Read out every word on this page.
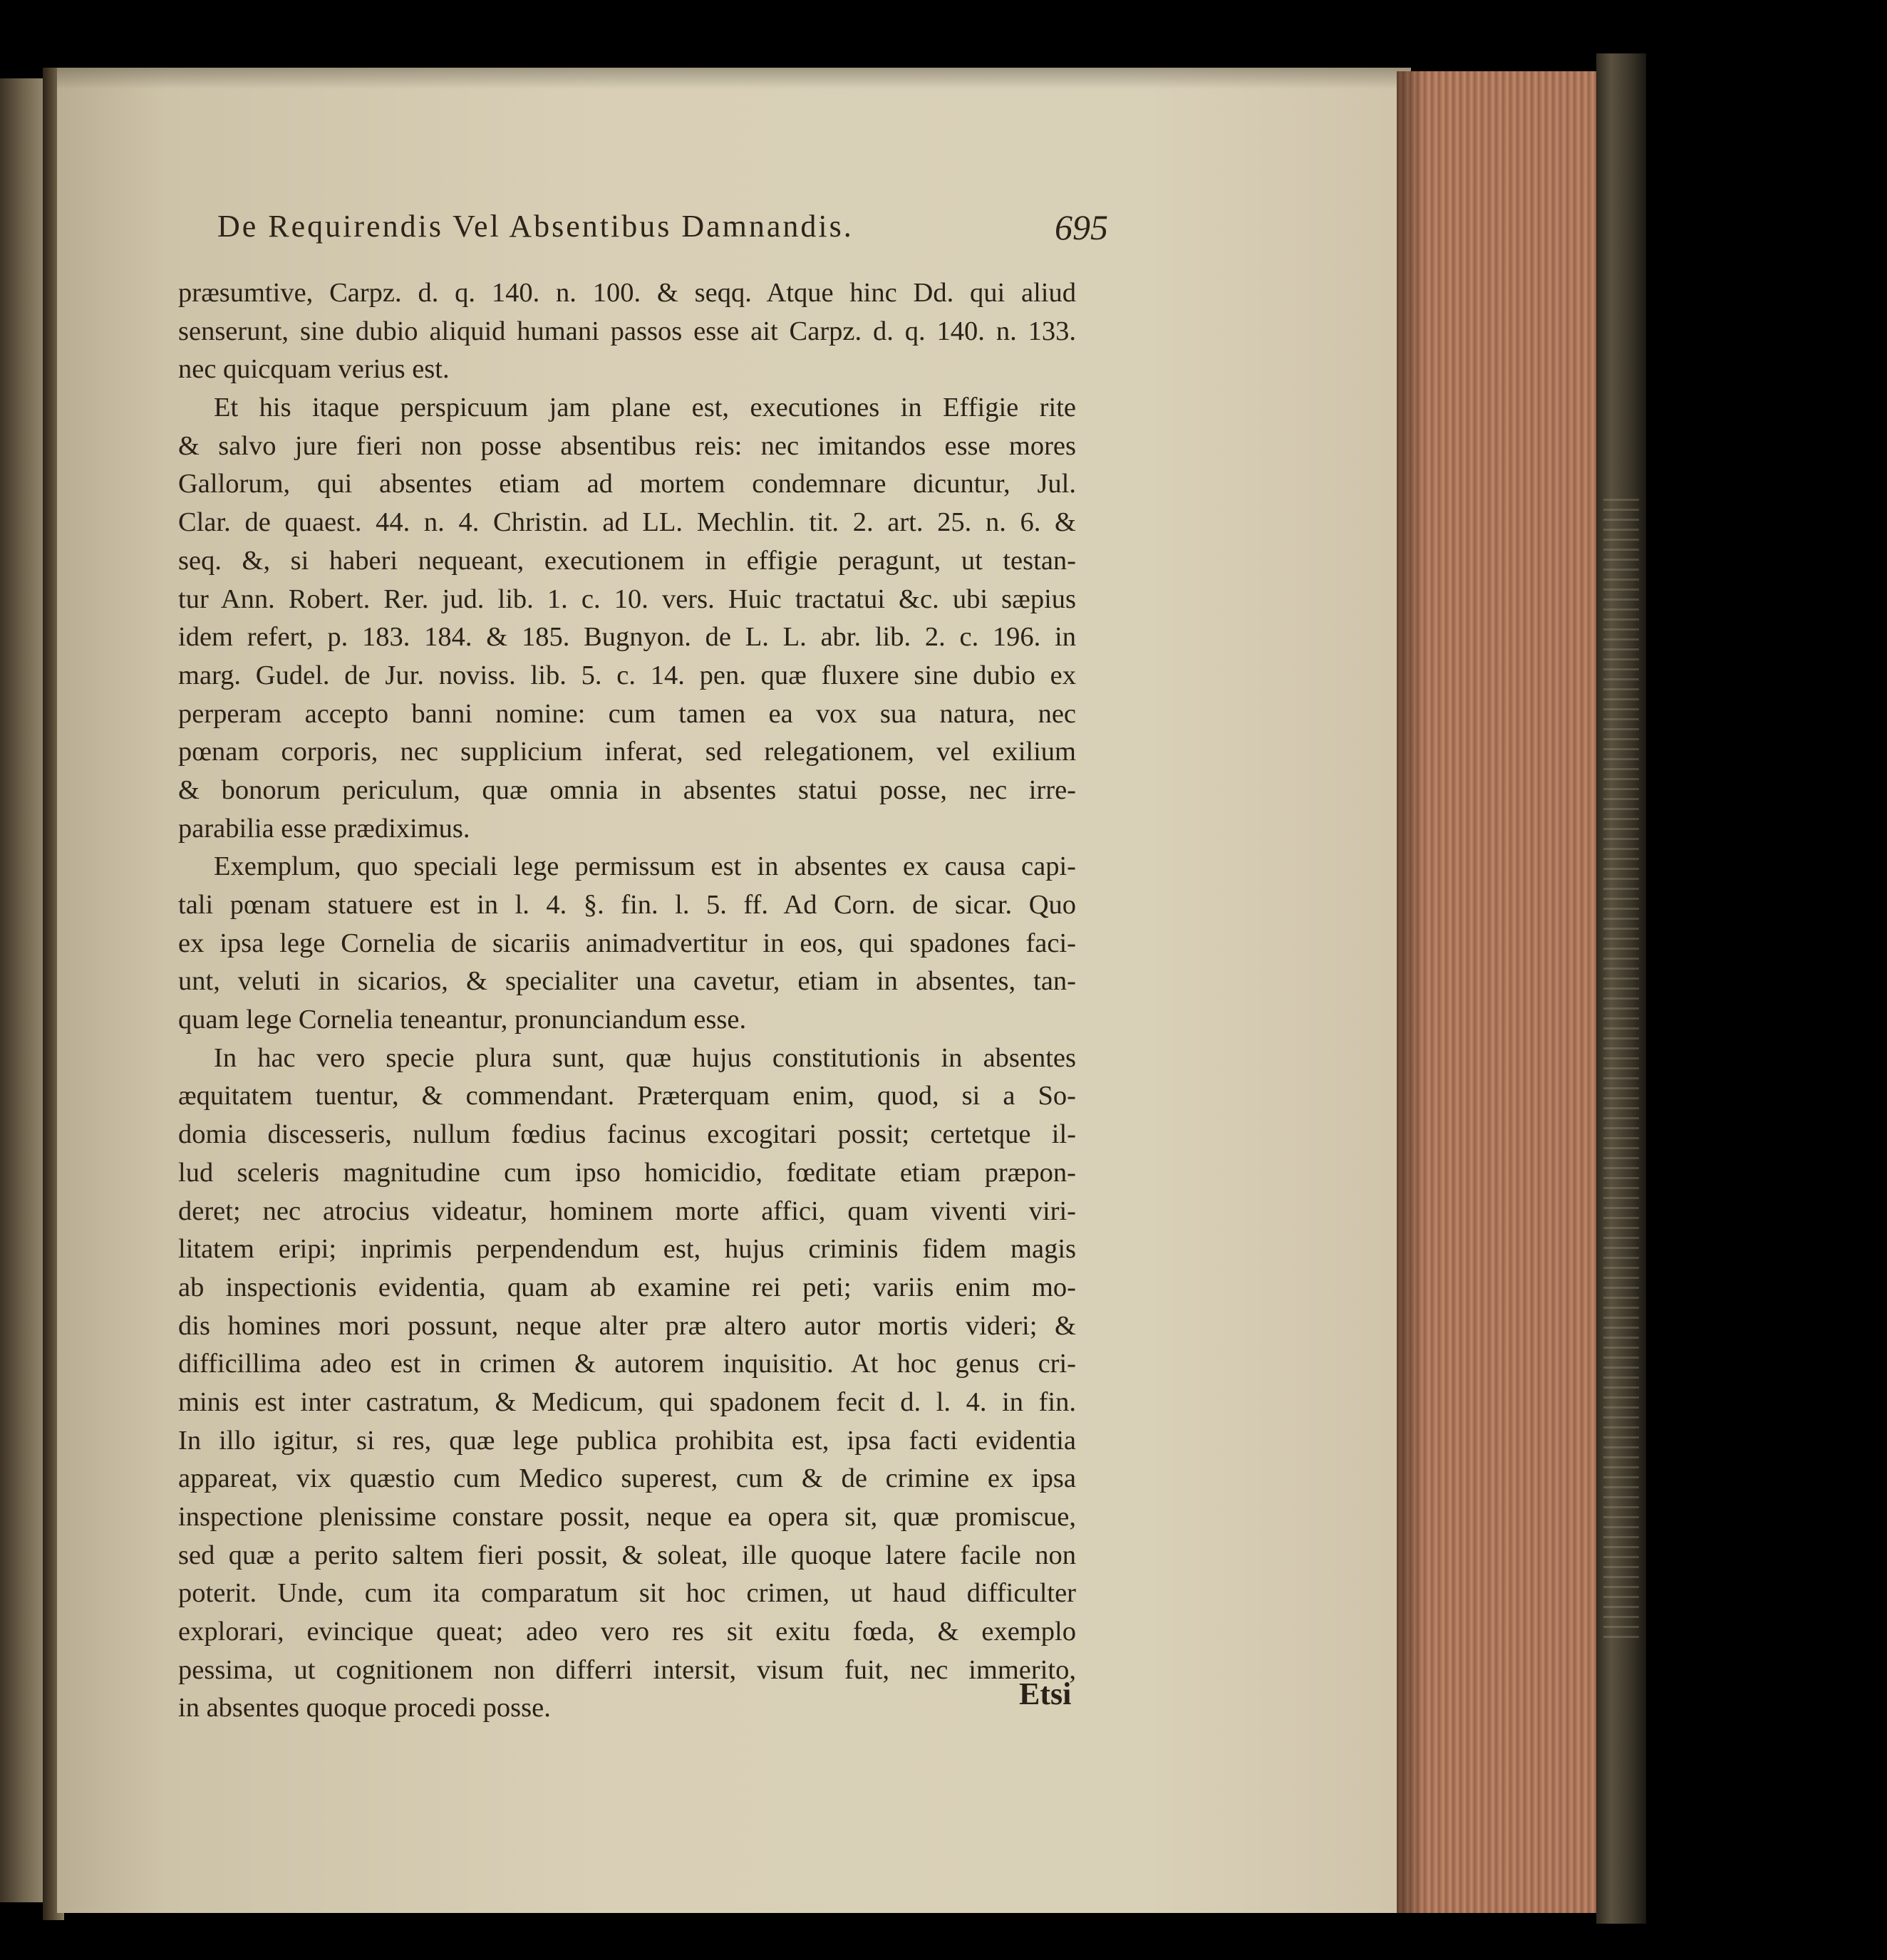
De Requirendis Vel Absentibus Damnandis.	695
præsumtive, Carpz. d. q. 140. n. 100. & seqq. Atque hinc Dd. qui aliud
senserunt, sine dubio aliquid humani passos esse ait Carpz. d. q. 140. n. 133.
nec quicquam verius est.
Et his itaque perspicuum jam plane est, executiones in Effigie rite
& salvo jure fieri non posse absentibus reis: nec imitandos esse mores
Gallorum, qui absentes etiam ad mortem condemnare dicuntur, Jul.
Clar. de quaest. 44. n. 4. Christin. ad LL. Mechlin. tit. 2. art. 25. n. 6. &
seq. &, si haberi nequeant, executionem in effigie peragunt, ut testan-
tur Ann. Robert. Rer. jud. lib. 1. c. 10. vers. Huic tractatui &c. ubi sæpius
idem refert, p. 183. 184. & 185. Bugnyon. de L. L. abr. lib. 2. c. 196. in
marg. Gudel. de Jur. noviss. lib. 5. c. 14. pen. quæ fluxere sine dubio ex
perperam accepto banni nomine: cum tamen ea vox sua natura, nec
pœnam corporis, nec supplicium inferat, sed relegationem, vel exilium
& bonorum periculum, quæ omnia in absentes statui posse, nec irre-
parabilia esse prædiximus.
Exemplum, quo speciali lege permissum est in absentes ex causa capi-
tali pœnam statuere est in l. 4. §. fin. l. 5. ff. Ad Corn. de sicar. Quo
ex ipsa lege Cornelia de sicariis animadvertitur in eos, qui spadones faci-
unt, veluti in sicarios, & specialiter una cavetur, etiam in absentes, tan-
quam lege Cornelia teneantur, pronunciandum esse.
In hac vero specie plura sunt, quæ hujus constitutionis in absentes
æquitatem tuentur, & commendant. Præterquam enim, quod, si a So-
domia discesseris, nullum fœdius facinus excogitari possit; certetque il-
lud sceleris magnitudine cum ipso homicidio, fœditate etiam præpon-
deret; nec atrocius videatur, hominem morte affici, quam viventi viri-
litatem eripi; inprimis perpendendum est, hujus criminis fidem magis
ab inspectionis evidentia, quam ab examine rei peti; variis enim mo-
dis homines mori possunt, neque alter præ altero autor mortis videri; &
difficillima adeo est in crimen & autorem inquisitio. At hoc genus cri-
minis est inter castratum, & Medicum, qui spadonem fecit d. l. 4. in fin.
In illo igitur, si res, quæ lege publica prohibita est, ipsa facti evidentia
appareat, vix quæstio cum Medico superest, cum & de crimine ex ipsa
inspectione plenissime constare possit, neque ea opera sit, quæ promiscue,
sed quæ a perito saltem fieri possit, & soleat, ille quoque latere facile non
poterit. Unde, cum ita comparatum sit hoc crimen, ut haud difficulter
explorari, evincique queat; adeo vero res sit exitu fœda, & exemplo
pessima, ut cognitionem non differri intersit, visum fuit, nec immerito,
in absentes quoque procedi posse.	Etsi
